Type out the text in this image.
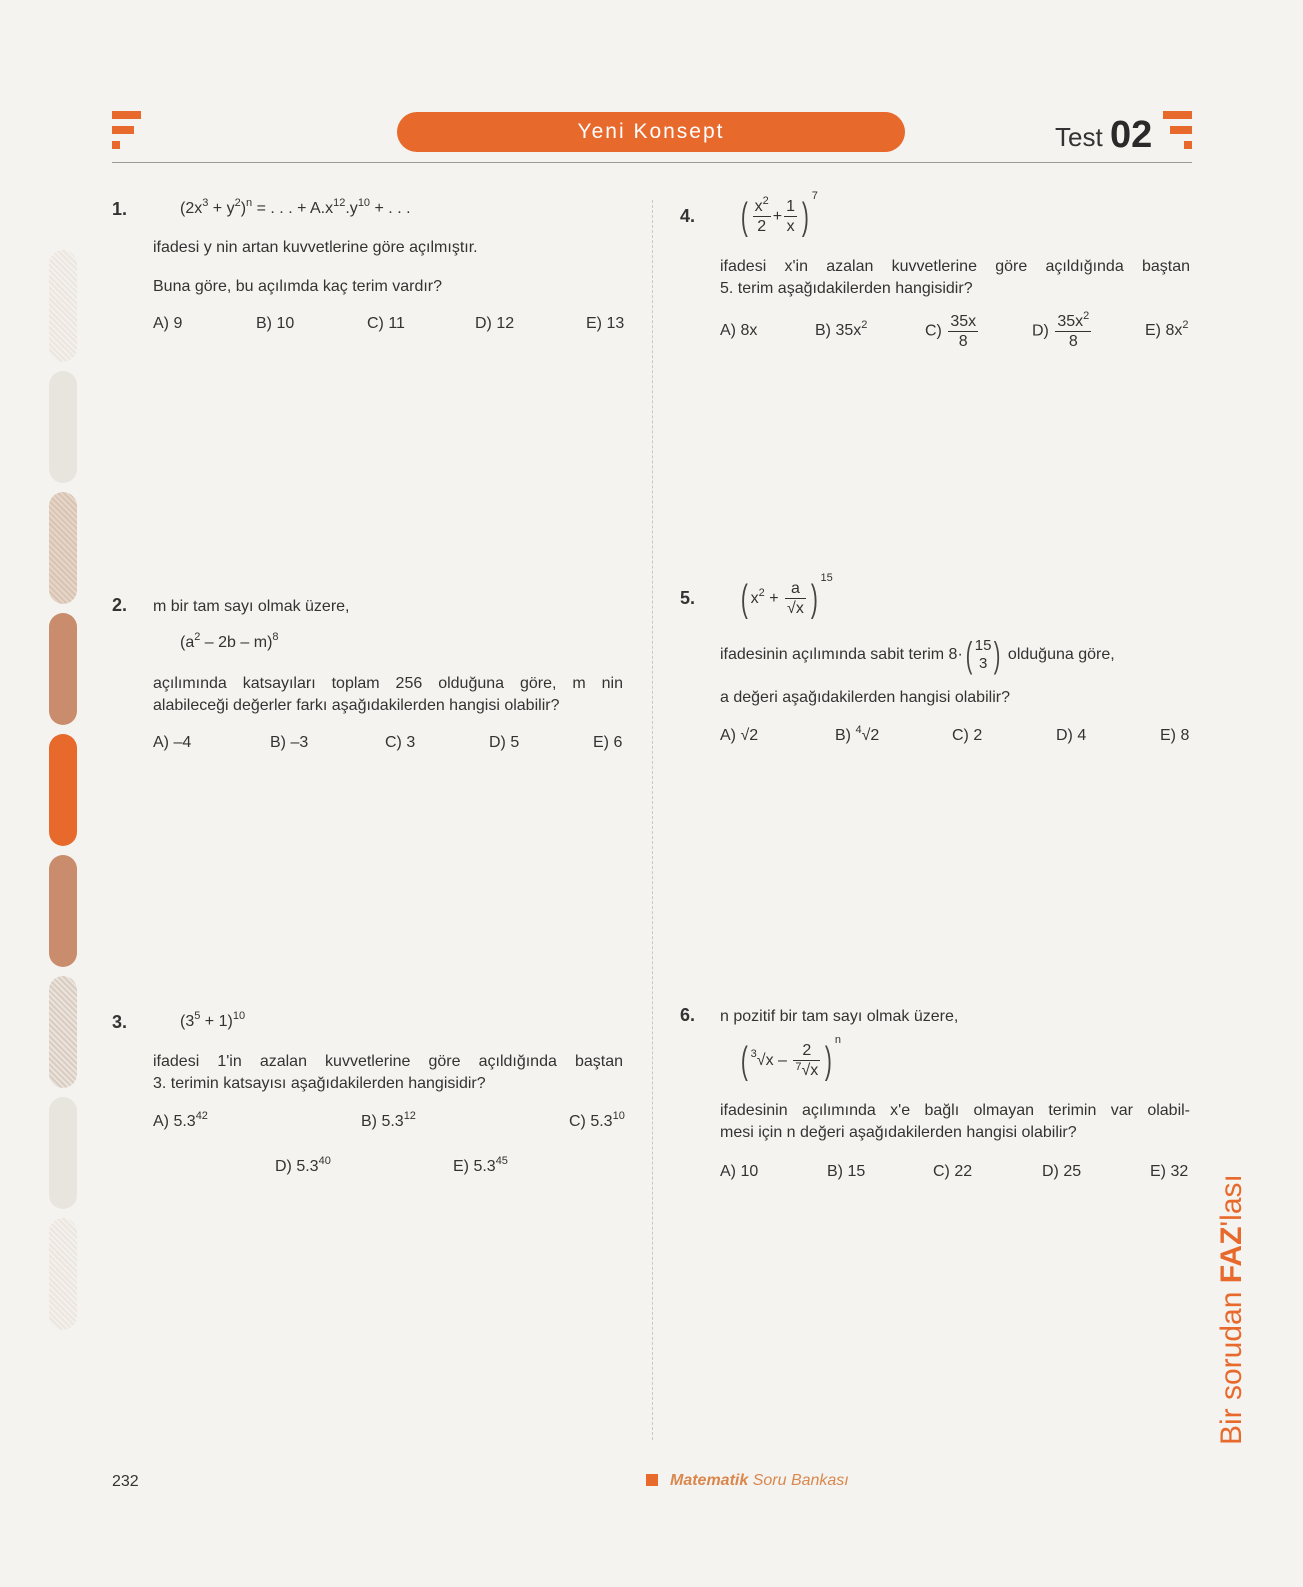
Yeni Konsept	Test 02
1.	$(2x^3 + y^2)^n$ = . . . + $A.x^{12}.y^{10}$ + . . .
ifadesi y nin artan kuvvetlerine göre açılmıştır.
Buna göre, bu açılımda kaç terim vardır?
A) 9	B) 10	C) 11	D) 12	E) 13
2. m bir tam sayı olmak üzere,
$(a^2 - 2b - m)^8$
açılımında katsayıları toplam 256 olduğuna göre, m nin
alabileceği değerler farkı aşağıdakilerden hangisi olabilir?
A) –4	B) –3	C) 3	D) 5	E) 6
3.	$(3^5 + 1)^{10}$
ifadesi 1'in azalan kuvvetlerine göre açıldığında baştan
3. terimin katsayısı aşağıdakilerden hangisidir?
A) $5.3^{42}$	B) $5.3^{12}$	C) $5.3^{10}$
D) $5.3^{40}$	E) $5.3^{45}$
4. ( $\frac{x^2}{2} + \frac{1}{x}$ ) $^7$
ifadesi x'in azalan kuvvetlerine göre açıldığında baştan
5. terim aşağıdakilerden hangisidir?
A) 8x	B) $35x^2$	$C) \frac{35x}{8}$	$D) \frac{35x^2}{8}$	E) $8x^2$
5. ( $x^2 + \frac{a}{√x}$ ) $^{15}$
ifadesinin açılımında sabit terim 8·( 15
3 ) olduğuna göre,
a değeri aşağıdakilerden hangisi olabilir?
A) √2	B) $^4$√2	C) 2	D) 4	E) 8
6. n pozitif bir tam sayı olmak üzere,
( $^3√x - \frac{2}{^7√x}$ ) $^n$
ifadesinin açılımında x'e bağlı olmayan terimin var olabil-
mesi için n değeri aşağıdakilerden hangisi olabilir?
A) 10	B) 15	C) 22	D) 25	E) 32
Bir sorudan FAZ'lası
232	Matematik Soru Bankası
